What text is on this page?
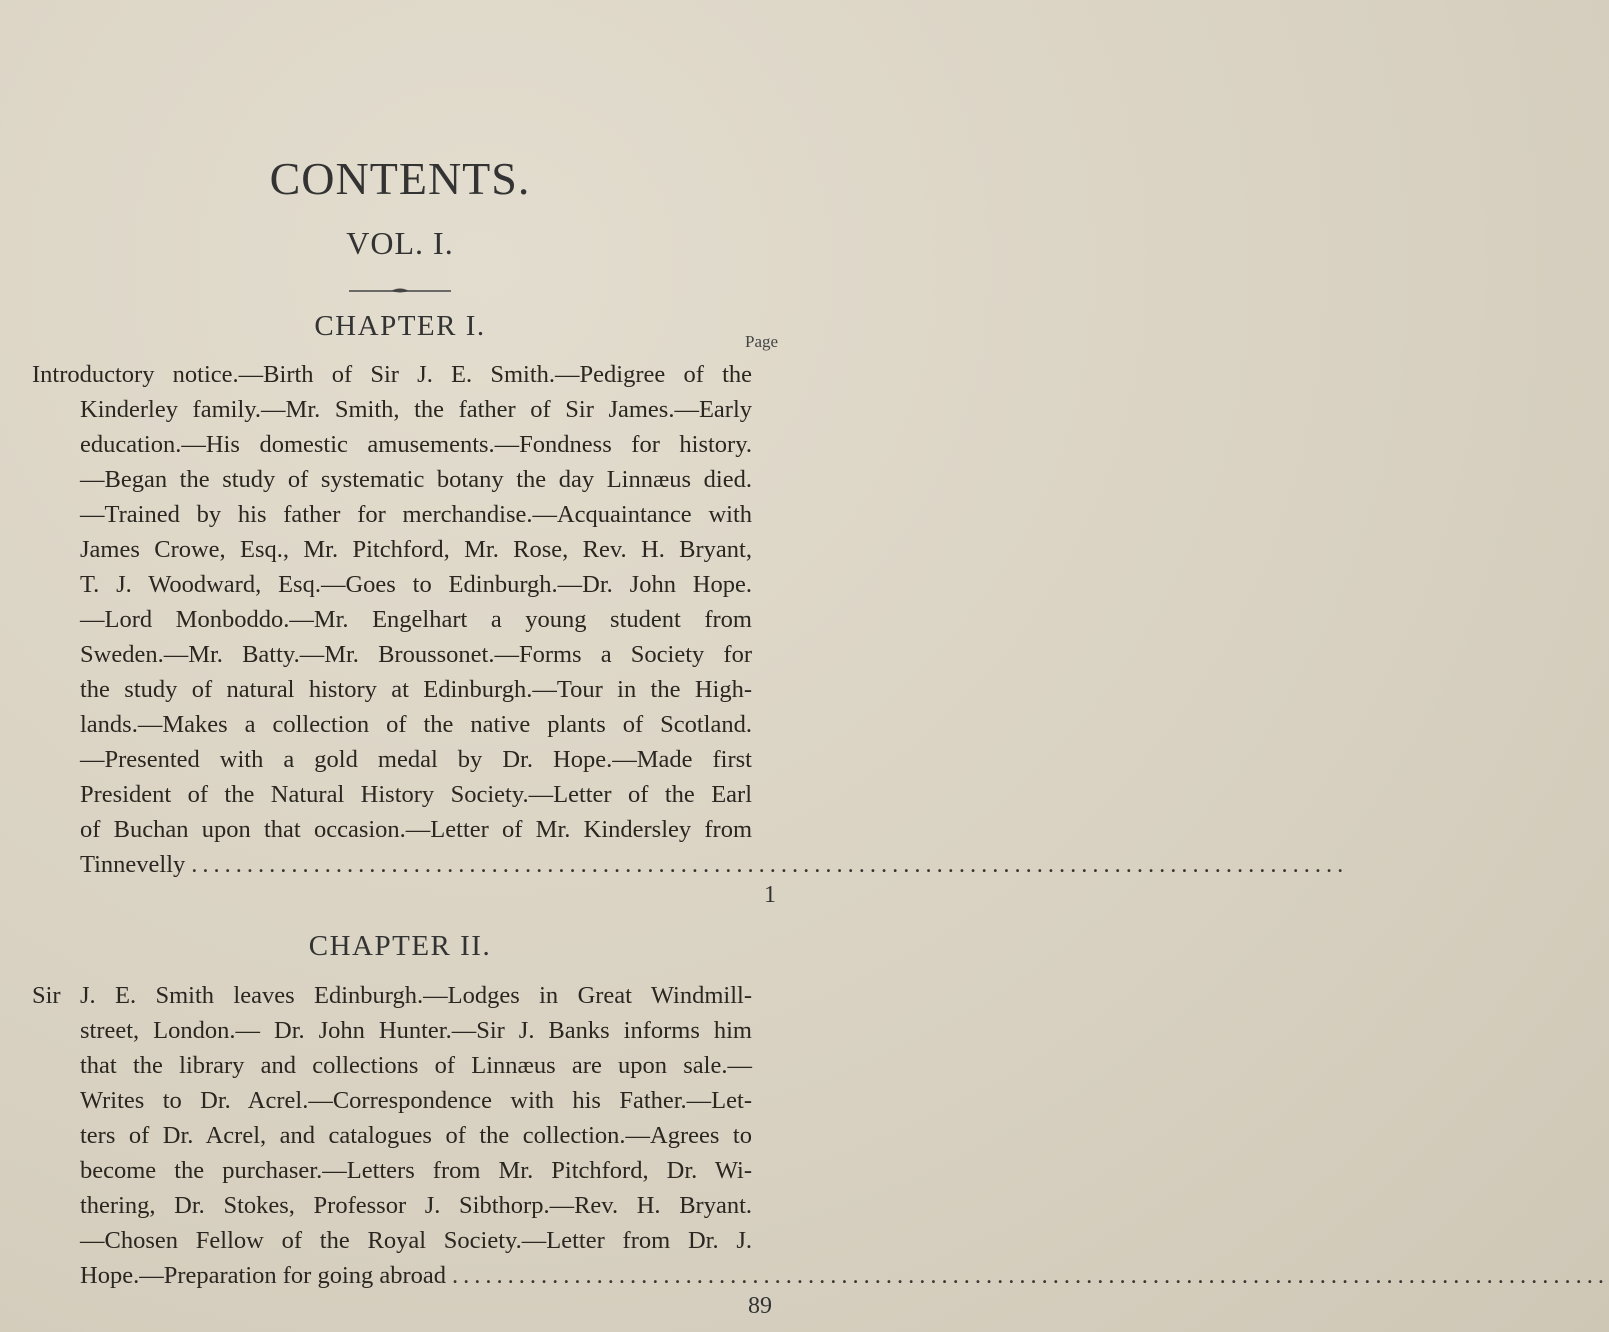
CONTENTS.
VOL. I.
CHAPTER I.	Page
Introductory notice.—Birth of Sir J. E. Smith.—Pedigree of the
Kinderley family.—Mr. Smith, the father of Sir James.—Early
education.—His domestic amusements.—Fondness for history.
—Began the study of systematic botany the day Linnæus died.
—Trained by his father for merchandise.—Acquaintance with
James Crowe, Esq., Mr. Pitchford, Mr. Rose, Rev. H. Bryant,
T. J. Woodward, Esq.—Goes to Edinburgh.—Dr. John Hope.
—Lord Monboddo.—Mr. Engelhart a young student from
Sweden.—Mr. Batty.—Mr. Broussonet.—Forms a Society for
the study of natural history at Edinburgh.—Tour in the High-
lands.—Makes a collection of the native plants of Scotland.
—Presented with a gold medal by Dr. Hope.—Made first
President of the Natural History Society.—Letter of the Earl
of Buchan upon that occasion.—Letter of Mr. Kindersley from
Tinnevelly ........................................................................................................
1
CHAPTER II.
Sir J. E. Smith leaves Edinburgh.—Lodges in Great Windmill-
street, London.— Dr. John Hunter.—Sir J. Banks informs him
that the library and collections of Linnæus are upon sale.—
Writes to Dr. Acrel.—Correspondence with his Father.—Let-
ters of Dr. Acrel, and catalogues of the collection.—Agrees to
become the purchaser.—Letters from Mr. Pitchford, Dr. Wi-
thering, Dr. Stokes, Professor J. Sibthorp.—Rev. H. Bryant.
—Chosen Fellow of the Royal Society.—Letter from Dr. J.
Hope.—Preparation for going abroad ........................................................................................................
89
